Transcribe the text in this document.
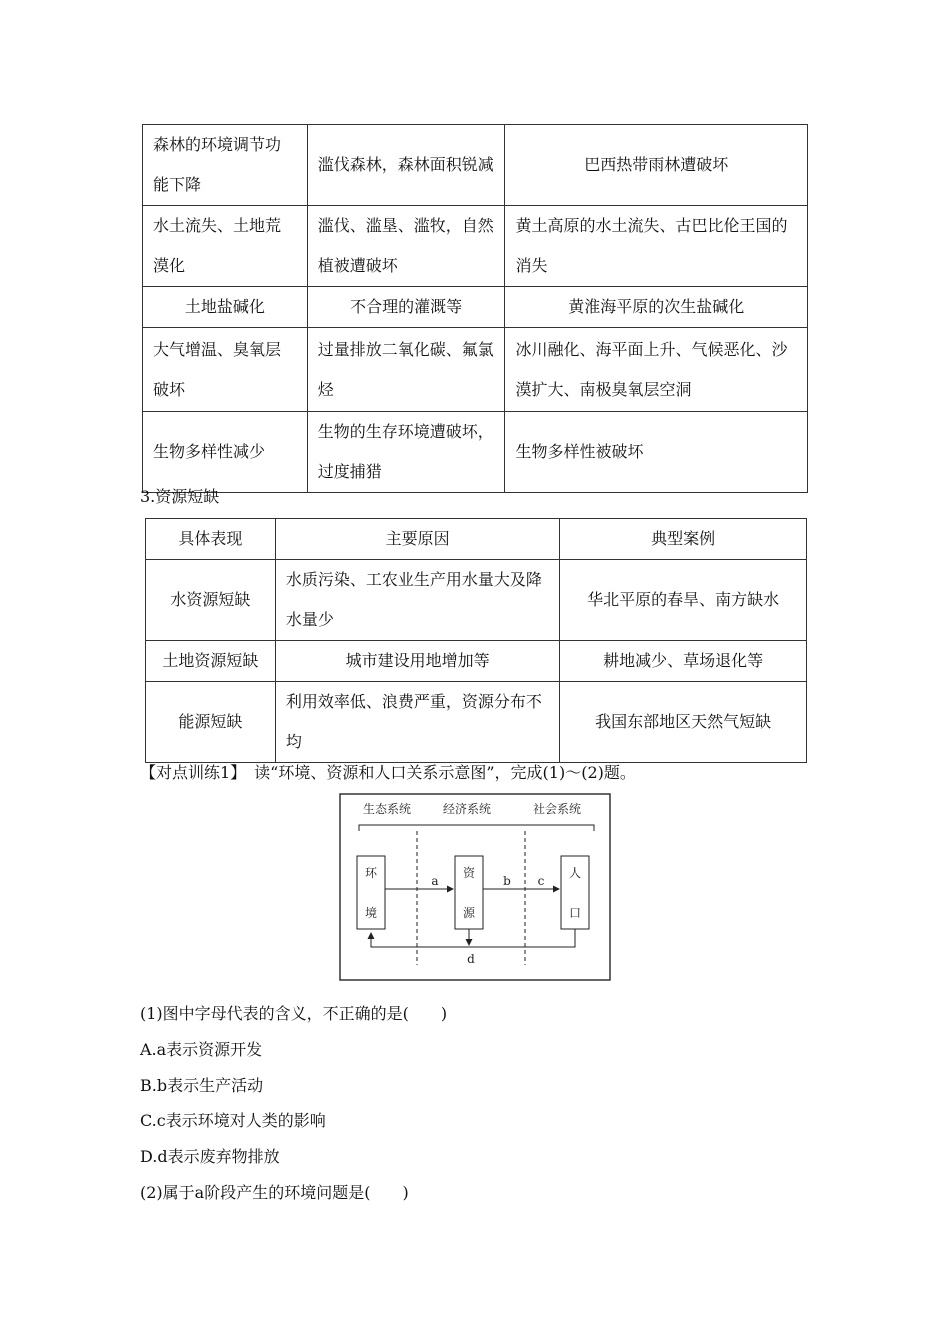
森林的环境调节功能下降	滥伐森林，森林面积锐减	巴西热带雨林遭破坏
水土流失、土地荒漠化	滥伐、滥垦、滥牧，自然植被遭破坏	黄土高原的水土流失、古巴比伦王国的消失
土地盐碱化	不合理的灌溉等	黄淮海平原的次生盐碱化
大气增温、臭氧层破坏	过量排放二氧化碳、氟氯烃	冰川融化、海平面上升、气候恶化、沙漠扩大、南极臭氧层空洞
生物多样性减少	生物的生存环境遭破坏，过度捕猎	生物多样性被破坏
3.资源短缺
具体表现	主要原因	典型案例
水资源短缺	水质污染、工农业生产用水量大及降水量少	华北平原的春旱、南方缺水
土地资源短缺	城市建设用地增加等	耕地减少、草场退化等
能源短缺	利用效率低、浪费严重，资源分布不均	我国东部地区天然气短缺
【对点训练1】　读“环境、资源和人口关系示意图”，完成(1)～(2)题。
生态系统	经济系统	社会系统
环境
资源
人口
a	b c
d
(1)图中字母代表的含义，不正确的是(　　)
A.a表示资源开发
B.b表示生产活动
C.c表示环境对人类的影响
D.d表示废弃物排放
(2)属于a阶段产生的环境问题是(　　)
